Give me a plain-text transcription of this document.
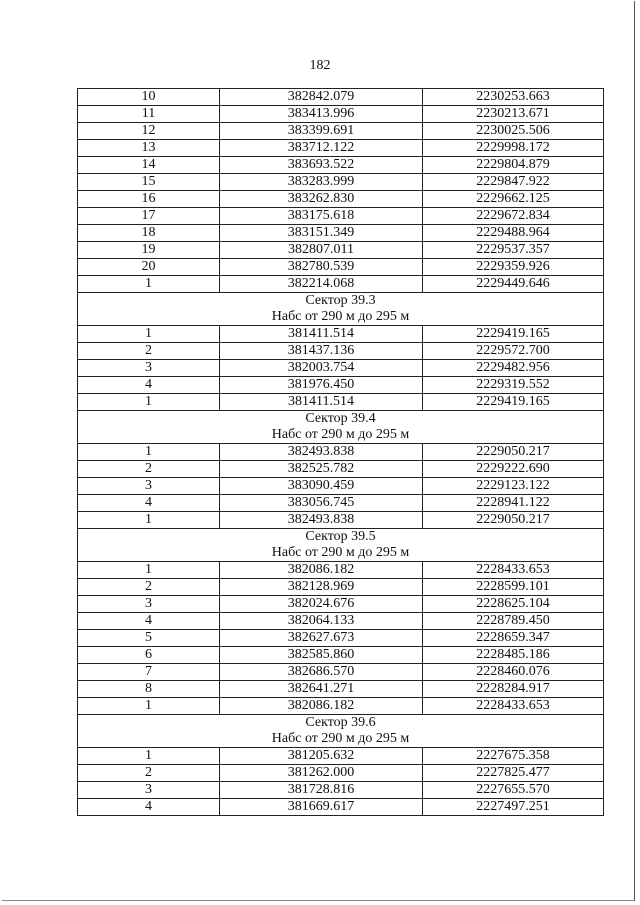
182
10	382842.079	2230253.663
11	383413.996	2230213.671
12	383399.691	2230025.506
13	383712.122	2229998.172
14	383693.522	2229804.879
15	383283.999	2229847.922
16	383262.830	2229662.125
17	383175.618	2229672.834
18	383151.349	2229488.964
19	382807.011	2229537.357
20	382780.539	2229359.926
1	382214.068	2229449.646
Сектор 39.3		
Набс от 290 м до 295 м		
1	381411.514	2229419.165
2	381437.136	2229572.700
3	382003.754	2229482.956
4	381976.450	2229319.552
1	381411.514	2229419.165
Сектор 39.4		
Набс от 290 м до 295 м		
1	382493.838	2229050.217
2	382525.782	2229222.690
3	383090.459	2229123.122
4	383056.745	2228941.122
1	382493.838	2229050.217
Сектор 39.5		
Набс от 290 м до 295 м		
1	382086.182	2228433.653
2	382128.969	2228599.101
3	382024.676	2228625.104
4	382064.133	2228789.450
5	382627.673	2228659.347
6	382585.860	2228485.186
7	382686.570	2228460.076
8	382641.271	2228284.917
1	382086.182	2228433.653
Сектор 39.6		
Набс от 290 м до 295 м		
1	381205.632	2227675.358
2	381262.000	2227825.477
3	381728.816	2227655.570
4	381669.617	2227497.251
